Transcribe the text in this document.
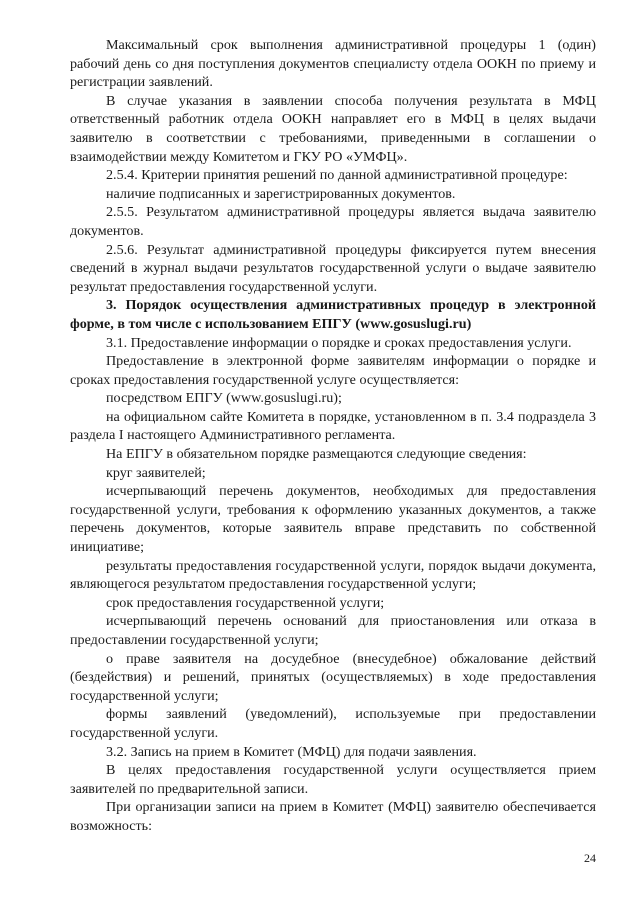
Максимальный срок выполнения административной процедуры 1 (один) рабочий день со дня поступления документов специалисту отдела ООКН по приему и регистрации заявлений.

В случае указания в заявлении способа получения результата в МФЦ ответственный работник отдела ООКН направляет его в МФЦ в целях выдачи заявителю в соответствии с требованиями, приведенными в соглашении о взаимодействии между Комитетом и ГКУ РО «УМФЦ».

2.5.4. Критерии принятия решений по данной административной процедуре:

наличие подписанных и зарегистрированных документов.

2.5.5. Результатом административной процедуры является выдача заявителю документов.

2.5.6. Результат административной процедуры фиксируется путем внесения сведений в журнал выдачи результатов государственной услуги о выдаче заявителю результат предоставления государственной услуги.

3. Порядок осуществления административных процедур в электронной форме, в том числе с использованием ЕПГУ (www.gosuslugi.ru)

3.1. Предоставление информации о порядке и сроках предоставления услуги.

Предоставление в электронной форме заявителям информации о порядке и сроках предоставления государственной услуге осуществляется:

посредством ЕПГУ (www.gosuslugi.ru);

на официальном сайте Комитета в порядке, установленном в п. 3.4 подраздела 3 раздела I настоящего Административного регламента.

На ЕПГУ в обязательном порядке размещаются следующие сведения:

круг заявителей;

исчерпывающий перечень документов, необходимых для предоставления государственной услуги, требования к оформлению указанных документов, а также перечень документов, которые заявитель вправе представить по собственной инициативе;

результаты предоставления государственной услуги, порядок выдачи документа, являющегося результатом предоставления государственной услуги;

срок предоставления государственной услуги;

исчерпывающий перечень оснований для приостановления или отказа в предоставлении государственной услуги;

о праве заявителя на досудебное (внесудебное) обжалование действий (бездействия) и решений, принятых (осуществляемых) в ходе предоставления государственной услуги;

формы заявлений (уведомлений), используемые при предоставлении государственной услуги.

3.2. Запись на прием в Комитет (МФЦ) для подачи заявления.

В целях предоставления государственной услуги осуществляется прием заявителей по предварительной записи.

При организации записи на прием в Комитет (МФЦ) заявителю обеспечивается возможность:

24
